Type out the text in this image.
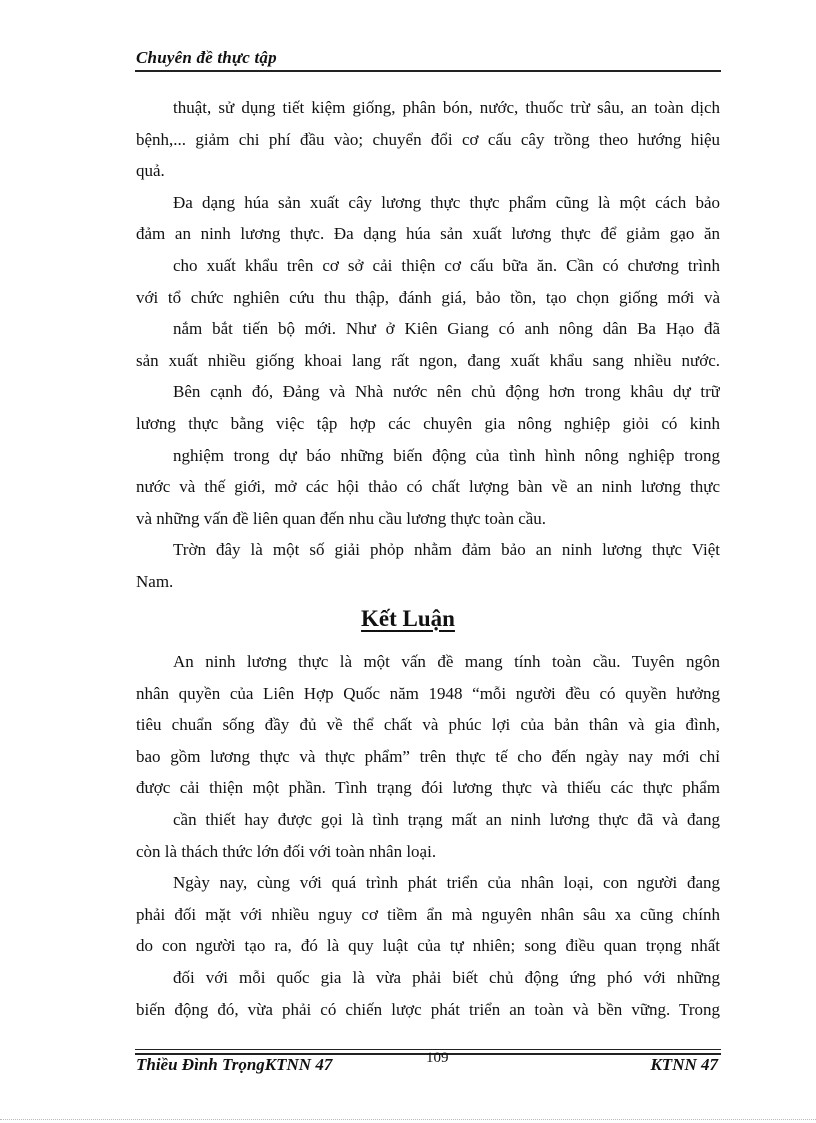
Chuyên đề thực tập
thuật, sử dụng tiết kiệm giống, phân bón, nước, thuốc trừ sâu, an toàn dịch
bệnh,... giảm chi phí đầu vào; chuyển đổi cơ cấu cây trồng theo hướng hiệu
quả.
Đa dạng húa sản xuất cây lương thực thực phẩm cũng là một cách bảo
đảm an ninh lương thực. Đa dạng húa sản xuất lương thực để giảm gạo ăn
cho xuất khẩu trên cơ sở cải thiện cơ cấu bữa ăn. Cần có chương trình
với tổ chức nghiên cứu thu thập, đánh giá, bảo tồn, tạo chọn giống mới và
nắm bắt tiến bộ mới. Như ở Kiên Giang có anh nông dân Ba Hạo đã
sản xuất nhiều giống khoai lang rất ngon, đang xuất khẩu sang nhiều nước.
Bên cạnh đó, Đảng và Nhà nước nên chủ động hơn trong khâu dự trữ
lương thực bằng việc tập hợp các chuyên gia nông nghiệp giỏi có kinh
nghiệm trong dự báo những biến động của tình hình nông nghiệp trong
nước và thế giới, mở các hội thảo có chất lượng bàn về an ninh lương thực
và những vấn đề liên quan đến nhu cầu lương thực toàn cầu.
Trờn đây là một số giải phỏp nhằm đảm bảo an ninh lương thực Việt
Nam.
Kết Luận
An ninh lương thực là một vấn đề mang tính toàn cầu. Tuyên ngôn
nhân quyền của Liên Hợp Quốc năm 1948 “mỗi người đều có quyền hưởng
tiêu chuẩn sống đầy đủ về thể chất và phúc lợi của bản thân và gia đình,
bao gồm lương thực và thực phẩm” trên thực tế cho đến ngày nay mới chỉ
được cải thiện một phần. Tình trạng đói lương thực và thiếu các thực phẩm
cần thiết hay được gọi là tình trạng mất an ninh lương thực đã và đang
còn là thách thức lớn đối với toàn nhân loại.
Ngày nay, cùng với quá trình phát triển của nhân loại, con người đang
phải đối mặt với nhiều nguy cơ tiềm ẩn mà nguyên nhân sâu xa cũng chính
do con người tạo ra, đó là quy luật của tự nhiên; song điều quan trọng nhất
đối với mỗi quốc gia là vừa phải biết chủ động ứng phó với những
biến động đó, vừa phải có chiến lược phát triển an toàn và bền vững. Trong
Thiều Đình TrọngKTNN 47	109	KTNN 47
